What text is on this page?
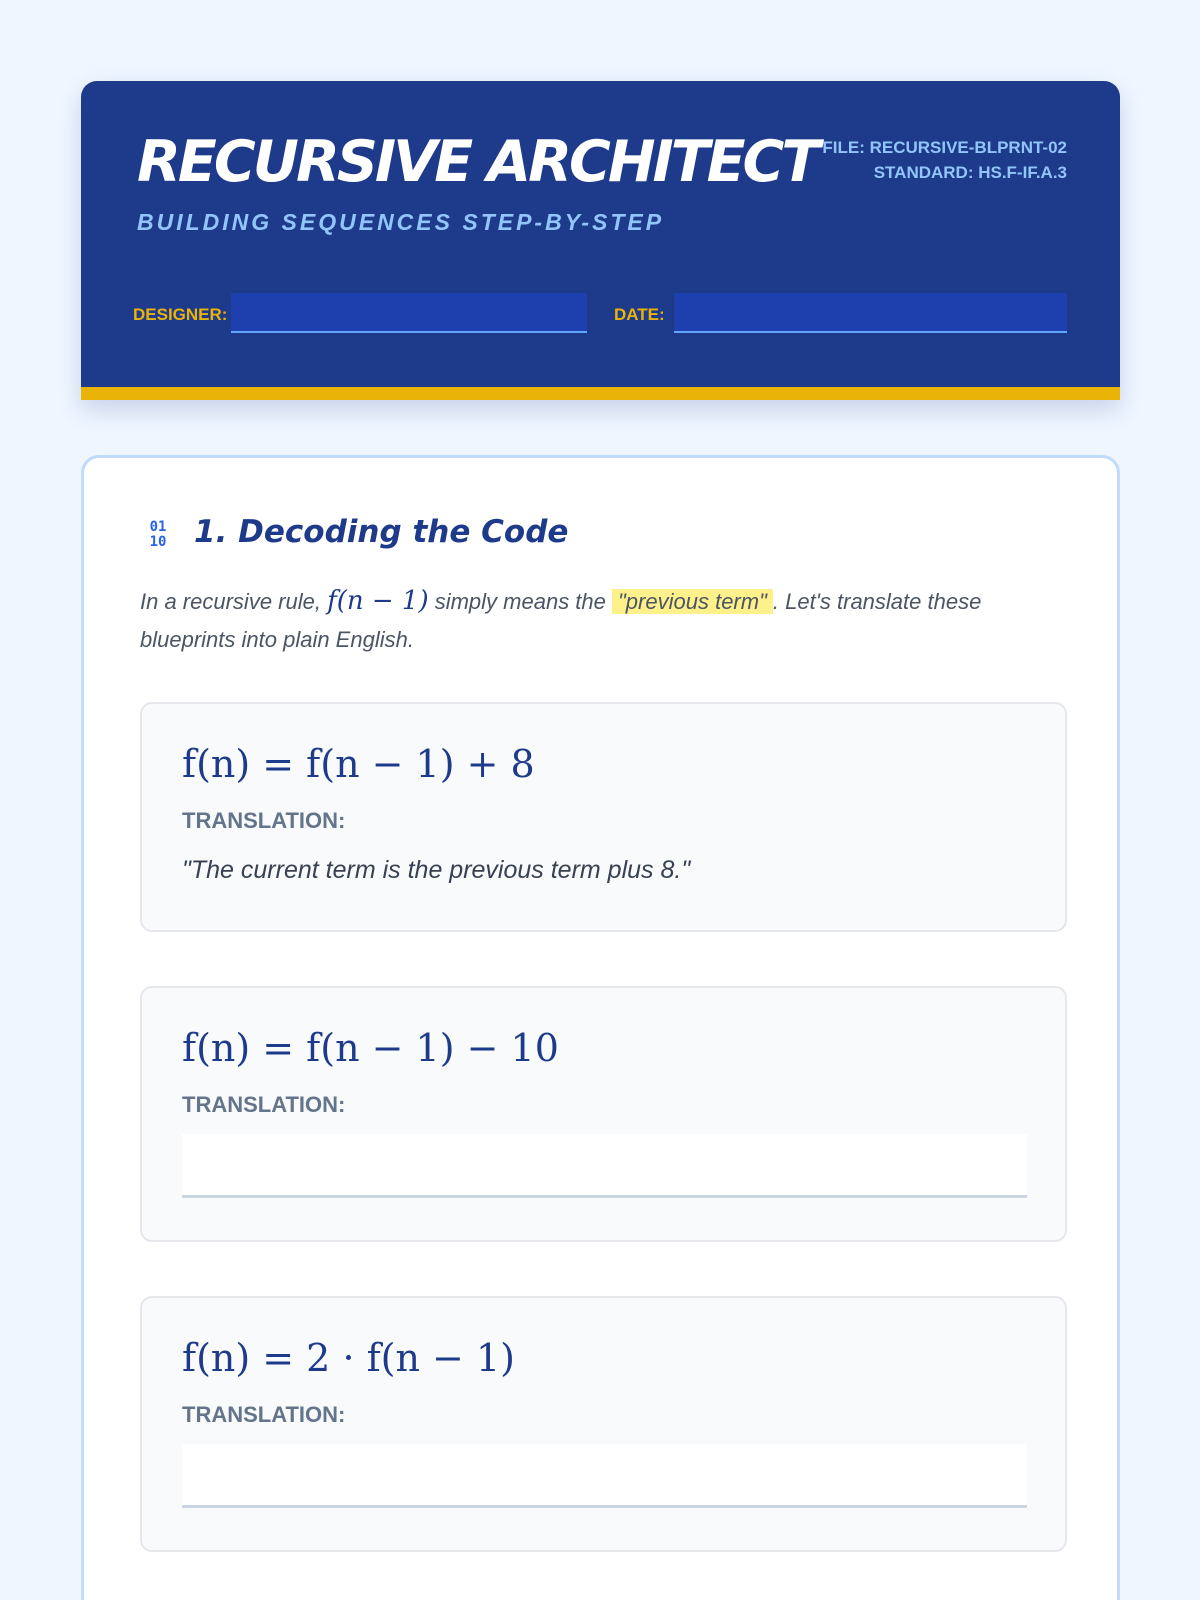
RECURSIVE ARCHITECT
BUILDING SEQUENCES STEP-BY-STEP
FILE: RECURSIVE-BLPRNT-02
STANDARD: HS.F-IF.A.3
DESIGNER:	DATE:
01
10 1. Decoding the Code

In a recursive rule, f(n − 1) simply means the "previous term" . Let's translate these blueprints into plain English.

f(n) = f(n − 1) + 8
TRANSLATION:
"The current term is the previous term plus 8."
f(n) = f(n − 1) − 10
TRANSLATION:
f(n) = 2 · f(n − 1)
TRANSLATION:
